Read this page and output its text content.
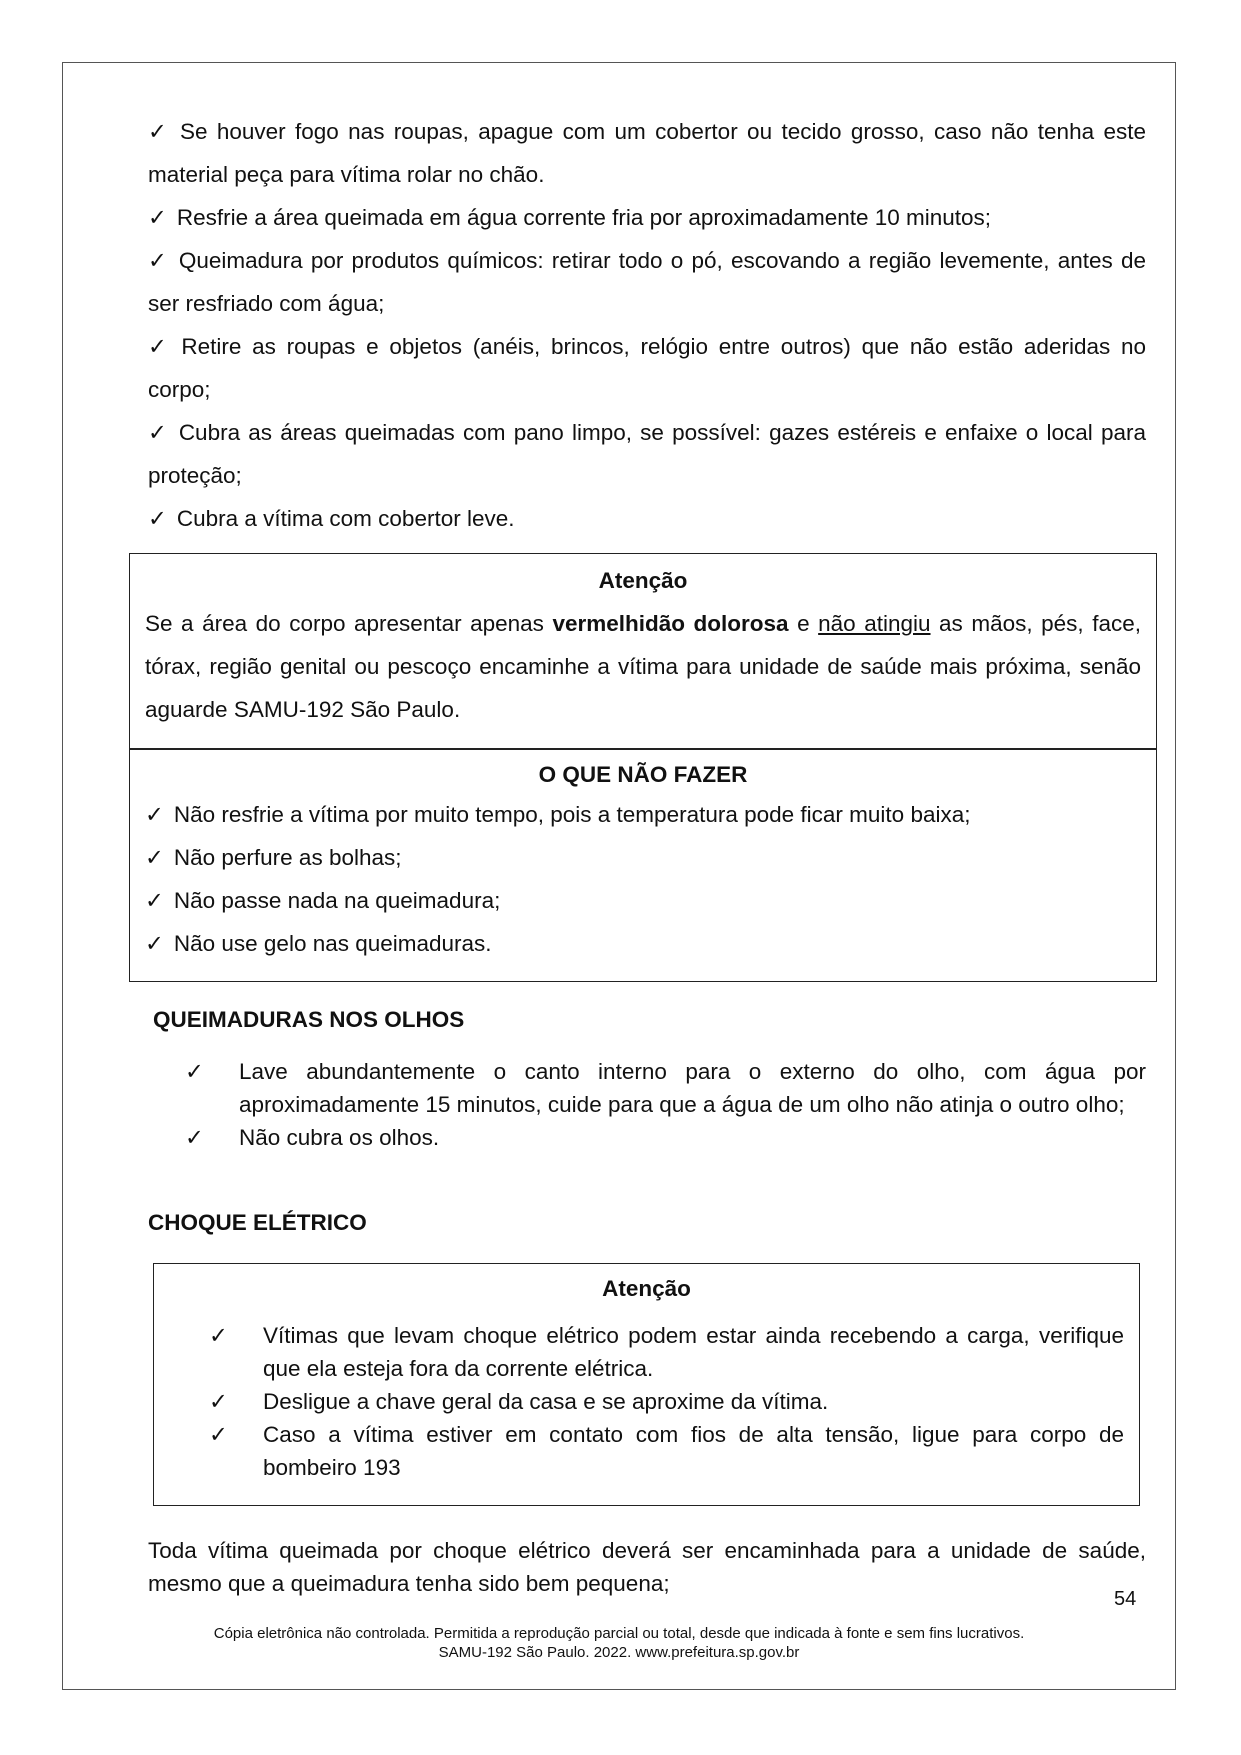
✓ Se houver fogo nas roupas, apague com um cobertor ou tecido grosso, caso não tenha este material peça para vítima rolar no chão.

✓ Resfrie a área queimada em água corrente fria por aproximadamente 10 minutos;

✓ Queimadura por produtos químicos: retirar todo o pó, escovando a região levemente, antes de ser resfriado com água;

✓ Retire as roupas e objetos (anéis, brincos, relógio entre outros) que não estão aderidas no corpo;

✓ Cubra as áreas queimadas com pano limpo, se possível: gazes estéreis e enfaixe o local para proteção;

✓ Cubra a vítima com cobertor leve.

Atenção
Se a área do corpo apresentar apenas vermelhidão dolorosa e não atingiu as mãos, pés, face, tórax, região genital ou pescoço encaminhe a vítima para unidade de saúde mais próxima, senão aguarde SAMU-192 São Paulo.
O QUE NÃO FAZER
✓ Não resfrie a vítima por muito tempo, pois a temperatura pode ficar muito baixa;
✓ Não perfure as bolhas;
✓ Não passe nada na queimadura;
✓ Não use gelo nas queimaduras.
QUEIMADURAS NOS OLHOS
✓ Lave abundantemente o canto interno para o externo do olho, com água por aproximadamente 15 minutos, cuide para que a água de um olho não atinja o outro olho;
✓ Não cubra os olhos.
CHOQUE ELÉTRICO
Atenção
✓ Vítimas que levam choque elétrico podem estar ainda recebendo a carga, verifique que ela esteja fora da corrente elétrica.
✓ Desligue a chave geral da casa e se aproxime da vítima.
✓ Caso a vítima estiver em contato com fios de alta tensão, ligue para corpo de bombeiro 193
Toda vítima queimada por choque elétrico deverá ser encaminhada para a unidade de saúde, mesmo que a queimadura tenha sido bem pequena;
54
Cópia eletrônica não controlada. Permitida a reprodução parcial ou total, desde que indicada à fonte e sem fins lucrativos.
SAMU-192 São Paulo. 2022. www.prefeitura.sp.gov.br
